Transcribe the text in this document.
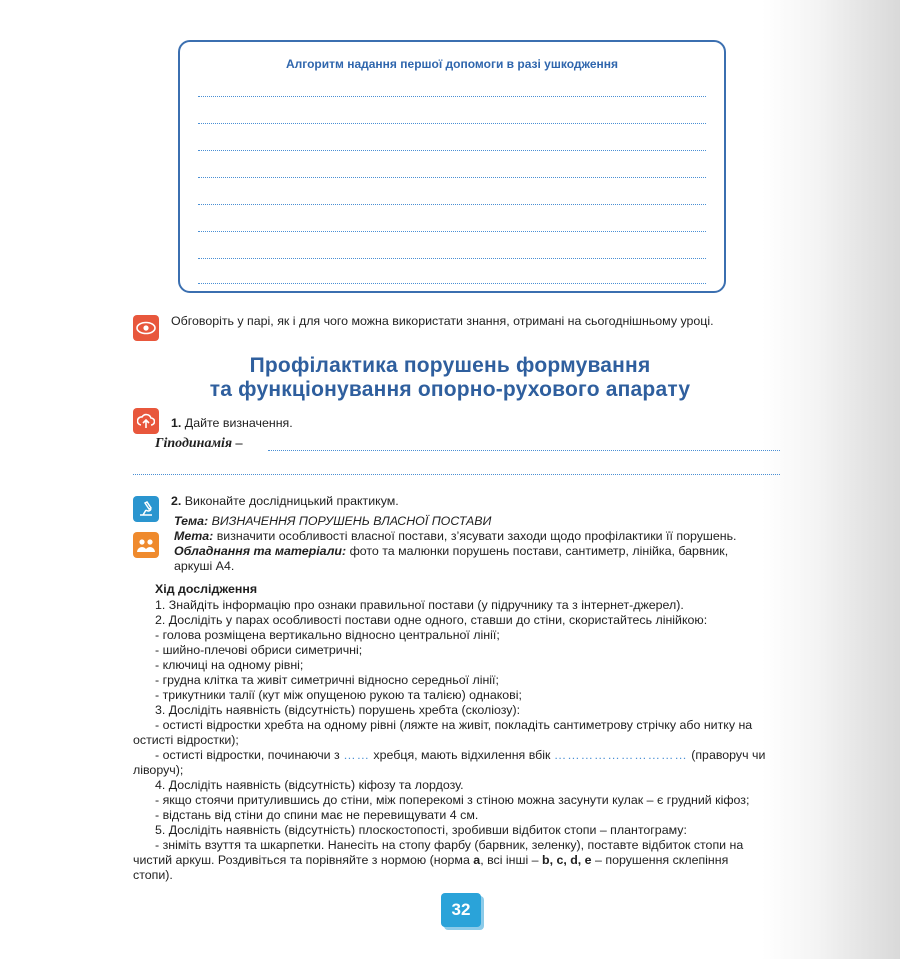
Алгоритм надання першої допомоги в разі ушкодження
Обговоріть у парі, як і для чого можна використати знання, отримані на сьогоднішньому уроці.
Профілактика порушень формування
та функціонування опорно-рухового апарату
1. Дайте визначення.
Гіподинамія –
2. Виконайте дослідницький практикум.
Тема: ВИЗНАЧЕННЯ ПОРУШЕНЬ ВЛАСНОЇ ПОСТАВИ
Мета: визначити особливості власної постави, з’ясувати заходи щодо профілактики її порушень.
Обладнання та матеріали: фото та малюнки порушень постави, сантиметр, лінійка, барвник,
аркуші А4.
Хід дослідження
1. Знайдіть інформацію про ознаки правильної постави (у підручнику та з інтернет-джерел).
2. Дослідіть у парах особливості постави одне одного, ставши до стіни, скористайтесь лінійкою:
- голова розміщена вертикально відносно центральної лінії;
- шийно-плечові обриси симетричні;
- ключиці на одному рівні;
- грудна клітка та живіт симетричні відносно середньої лінії;
- трикутники талії (кут між опущеною рукою та талією) однакові;
3. Дослідіть наявність (відсутність) порушень хребта (сколіозу):
- остисті відростки хребта на одному рівні (ляжте на живіт, покладіть сантиметрову стрічку або нитку на
остисті відростки);
- остисті відростки, починаючи з …… хребця, мають відхилення вбік ………………………… (праворуч чи
ліворуч);
4. Дослідіть наявність (відсутність) кіфозу та лордозу.
- якщо стоячи притулившись до стіни, між поперекомі з стіною можна засунути кулак – є грудний кіфоз;
- відстань від стіни до спини має не перевищувати 4 см.
5. Дослідіть наявність (відсутність) плоскостопості, зробивши відбиток стопи – плантограму:
- зніміть взуття та шкарпетки. Нанесіть на стопу фарбу (барвник, зеленку), поставте відбиток стопи на
чистий аркуш. Роздивіться та порівняйте з нормою (норма а, всі інші – b, c, d, e – порушення склепіння
стопи).
32
